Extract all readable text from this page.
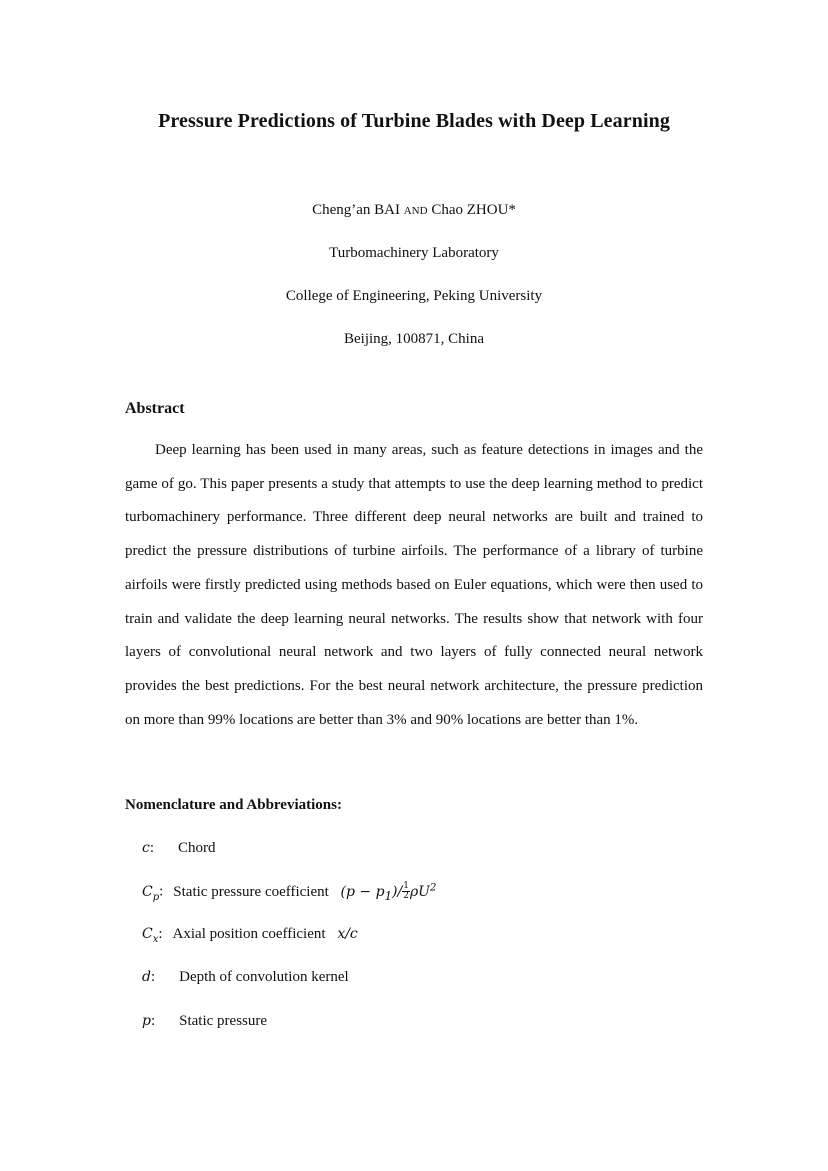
Pressure Predictions of Turbine Blades with Deep Learning
Cheng’an BAI AND Chao ZHOU*
Turbomachinery Laboratory
College of Engineering, Peking University
Beijing, 100871, China
Abstract

Deep learning has been used in many areas, such as feature detections in images and the game of go. This paper presents a study that attempts to use the deep learning method to predict turbomachinery performance. Three different deep neural networks are built and trained to predict the pressure distributions of turbine airfoils. The performance of a library of turbine airfoils were firstly predicted using methods based on Euler equations, which were then used to train and validate the deep learning neural networks. The results show that network with four layers of convolutional neural network and two layers of fully connected neural network provides the best predictions. For the best neural network architecture, the pressure prediction on more than 99% locations are better than 3% and 90% locations are better than 1%.

Nomenclature and Abbreviations:
c: Chord
$C_p$: Static pressure coefficient $(p - p_1)/ \frac{1}{2} \rho U^2$
$C_x$: Axial position coefficient x/c
d: Depth of convolution kernel
p: Static pressure
